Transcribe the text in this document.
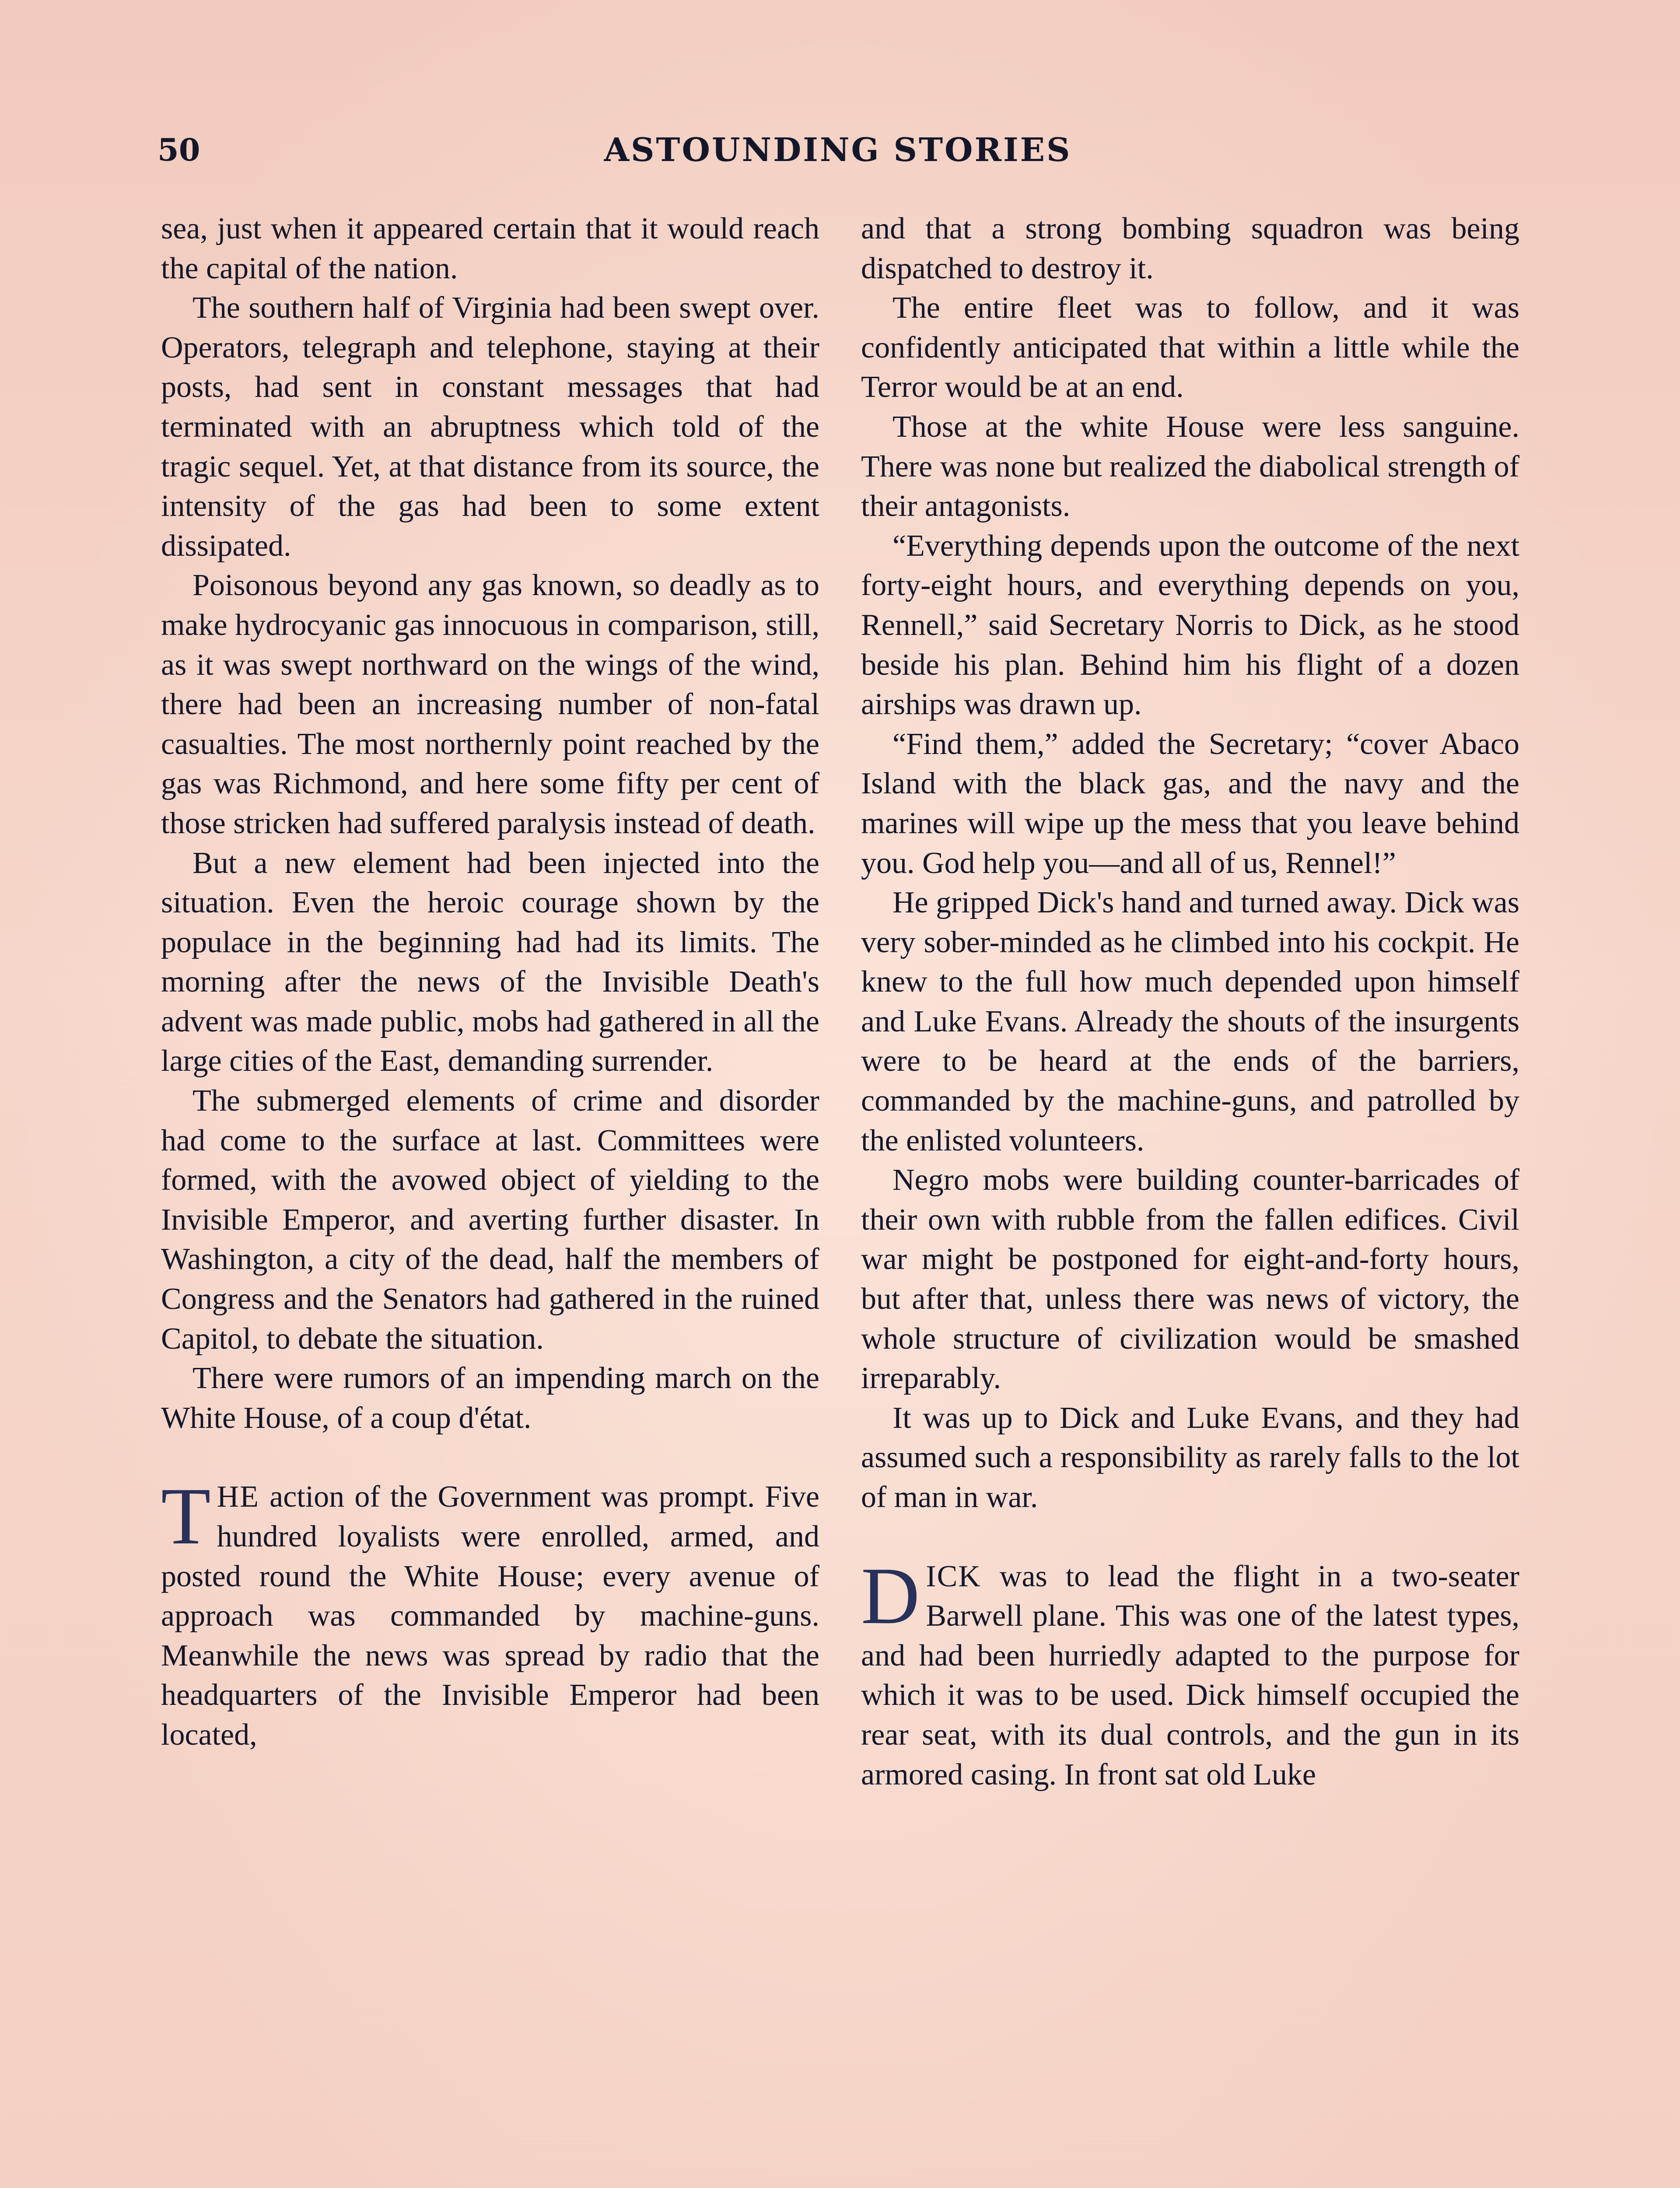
50	ASTOUNDING STORIES

sea, just when it appeared certain that it would reach the capital of the nation.

The southern half of Virginia had been swept over. Operators, telegraph and telephone, staying at their posts, had sent in constant messages that had terminated with an abruptness which told of the tragic sequel. Yet, at that distance from its source, the intensity of the gas had been to some extent dissipated.

Poisonous beyond any gas known, so deadly as to make hydrocyanic gas innocuous in comparison, still, as it was swept northward on the wings of the wind, there had been an increasing number of non-fatal casualties. The most northernly point reached by the gas was Richmond, and here some fifty per cent of those stricken had suffered paralysis instead of death.

But a new element had been injected into the situation. Even the heroic courage shown by the populace in the beginning had had its limits. The morning after the news of the Invisible Death's advent was made public, mobs had gathered in all the large cities of the East, demanding surrender.

The submerged elements of crime and disorder had come to the surface at last. Committees were formed, with the avowed object of yielding to the Invisible Emperor, and averting further disaster. In Washington, a city of the dead, half the members of Congress and the Senators had gathered in the ruined Capitol, to debate the situation.

There were rumors of an impending march on the White House, of a coup d'état.

THE action of the Government was prompt. Five hundred loyalists were enrolled, armed, and posted round the White House; every avenue of approach was commanded by machine-guns. Meanwhile the news was spread by radio that the headquarters of the Invisible Emperor had been located,

and that a strong bombing squadron was being dispatched to destroy it.

The entire fleet was to follow, and it was confidently anticipated that within a little while the Terror would be at an end.

Those at the white House were less sanguine. There was none but realized the diabolical strength of their antagonists.

“Everything depends upon the outcome of the next forty-eight hours, and everything depends on you, Rennell,” said Secretary Norris to Dick, as he stood beside his plan. Behind him his flight of a dozen airships was drawn up.

“Find them,” added the Secretary; “cover Abaco Island with the black gas, and the navy and the marines will wipe up the mess that you leave behind you. God help you—and all of us, Rennel!”

He gripped Dick's hand and turned away. Dick was very sober-minded as he climbed into his cockpit. He knew to the full how much depended upon himself and Luke Evans. Already the shouts of the insurgents were to be heard at the ends of the barriers, commanded by the machine-guns, and patrolled by the enlisted volunteers.

Negro mobs were building counter-barricades of their own with rubble from the fallen edifices. Civil war might be postponed for eight-and-forty hours, but after that, unless there was news of victory, the whole structure of civilization would be smashed irreparably.

It was up to Dick and Luke Evans, and they had assumed such a responsibility as rarely falls to the lot of man in war.

DICK was to lead the flight in a two-seater Barwell plane. This was one of the latest types, and had been hurriedly adapted to the purpose for which it was to be used. Dick himself occupied the rear seat, with its dual controls, and the gun in its armored casing. In front sat old Luke
